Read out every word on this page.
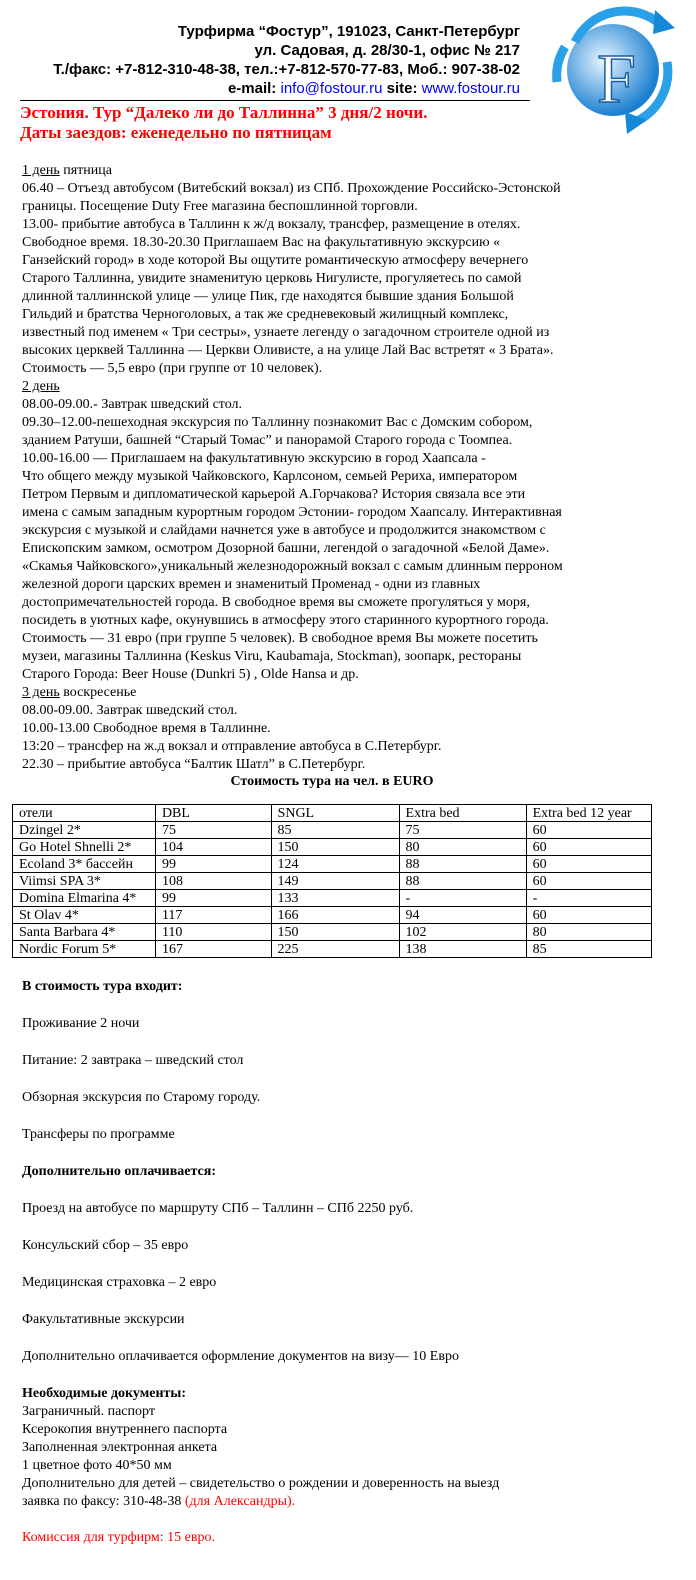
Турфирма “Фостур”, 191023, Санкт-Петербург
ул. Садовая, д. 28/30-1, офис № 217
Т./факс: +7-812-310-48-38, тел.:+7-812-570-77-83, Моб.: 907-38-02
e-mail: info@fostour.ru site: www.fostour.ru F
Эстония. Тур “Далеко ли до Таллинна” 3 дня/2 ночи.
Даты заездов: еженедельно по пятницам
1 день пятница
06.40 – Отъезд автобусом (Витебский вокзал) из СПб. Прохождение Российско-Эстонской
границы. Посещение Duty Free магазина беспошлинной торговли.
13.00- прибытие автобуса в Таллинн к ж/д вокзалу, трансфер, размещение в отелях.
Свободное время. 18.30-20.30 Приглашаем Вас на факультативную экскурсию «
Ганзейский город» в ходе которой Вы ощутите романтическую атмосферу вечернего
Старого Таллинна, увидите знаменитую церковь Нигулисте, прогуляетесь по самой
длинной таллиннской улице — улице Пик, где находятся бывшие здания Большой
Гильдий и братства Черноголовых, а так же средневековый жилищный комплекс,
известный под именем « Три сестры», узнаете легенду о загадочном строителе одной из
высоких церквей Таллинна — Церкви Оливисте, а на улице Лай Вас встретят « 3 Брата».
Стоимость — 5,5 евро (при группе от 10 человек).
2 день
08.00-09.00.- Завтрак шведский стол.
09.30–12.00-пешеходная экскурсия по Таллинну познакомит Вас с Домским собором,
зданием Ратуши, башней “Старый Томас” и панорамой Старого города с Тоомпеа.
10.00-16.00 — Приглашаем на факультативную экскурсию в город Хаапсала -
Что общего между музыкой Чайковского, Карлсоном, семьей Рериха, императором
Петром Первым и дипломатической карьерой А.Горчакова? История связала все эти
имена с самым западным курортным городом Эстонии- городом Хаапсалу. Интерактивная
экскурсия с музыкой и слайдами начнется уже в автобусе и продолжится знакомством с
Епископским замком, осмотром Дозорной башни, легендой о загадочной «Белой Даме».
«Скамья Чайковского»,уникальный железнодорожный вокзал с самым длинным перроном
железной дороги царских времен и знаменитый Променад - одни из главных
достопримечательностей города. В свободное время вы сможете прогуляться у моря,
посидеть в уютных кафе, окунувшись в атмосферу этого старинного курортного города.
Стоимость — 31 евро (при группе 5 человек). В свободное время Вы можете посетить
музеи, магазины Таллинна (Keskus Viru, Kaubamaja, Stockman), зоопарк, рестораны
Старого Города: Beer House (Dunkri 5) , Olde Hansa и др.
3 день воскресенье
08.00-09.00. Завтрак шведский стол.
10.00-13.00 Свободное время в Таллинне.
13:20 – трансфер на ж.д вокзал и отправление автобуса в С.Петербург.
22.30 – прибытие автобуса “Балтик Шатл” в С.Петербург.
Стоимость тура на чел. в EURO
отели	DBL	SNGL	Extra bed	Extra bed 12 year
Dzingel 2*	75	85	75	60
Go Hotel Shnelli 2*	104	150	80	60
Ecoland 3* бассейн	99	124	88	60
Viimsi SPA 3*	108	149	88	60
Domina Elmarina 4*	99	133	-	-
St Olav 4*	117	166	94	60
Santa Barbara 4*	110	150	102	80
Nordic Forum 5*	167	225	138	85

В стоимость тура входит:

Проживание 2 ночи

Питание: 2 завтрака – шведский стол

Обзорная экскурсия по Старому городу.

Трансферы по программе

Дополнительно оплачивается:

Проезд на автобусе по маршруту СПб – Таллинн – СПб 2250 руб.

Консульский сбор – 35 евро

Медицинская страховка – 2 евро

Факультативные экскурсии

Дополнительно оплачивается оформление документов на визу— 10 Евро

Необходимые документы:
Заграничный. паспорт
Ксерокопия внутреннего паспорта
Заполненная электронная анкета
1 цветное фото 40*50 мм
Дополнительно для детей – свидетельство о рождении и доверенность на выезд
заявка по факсу: 310-48-38 (для Александры).
Комиссия для турфирм: 15 евро.
